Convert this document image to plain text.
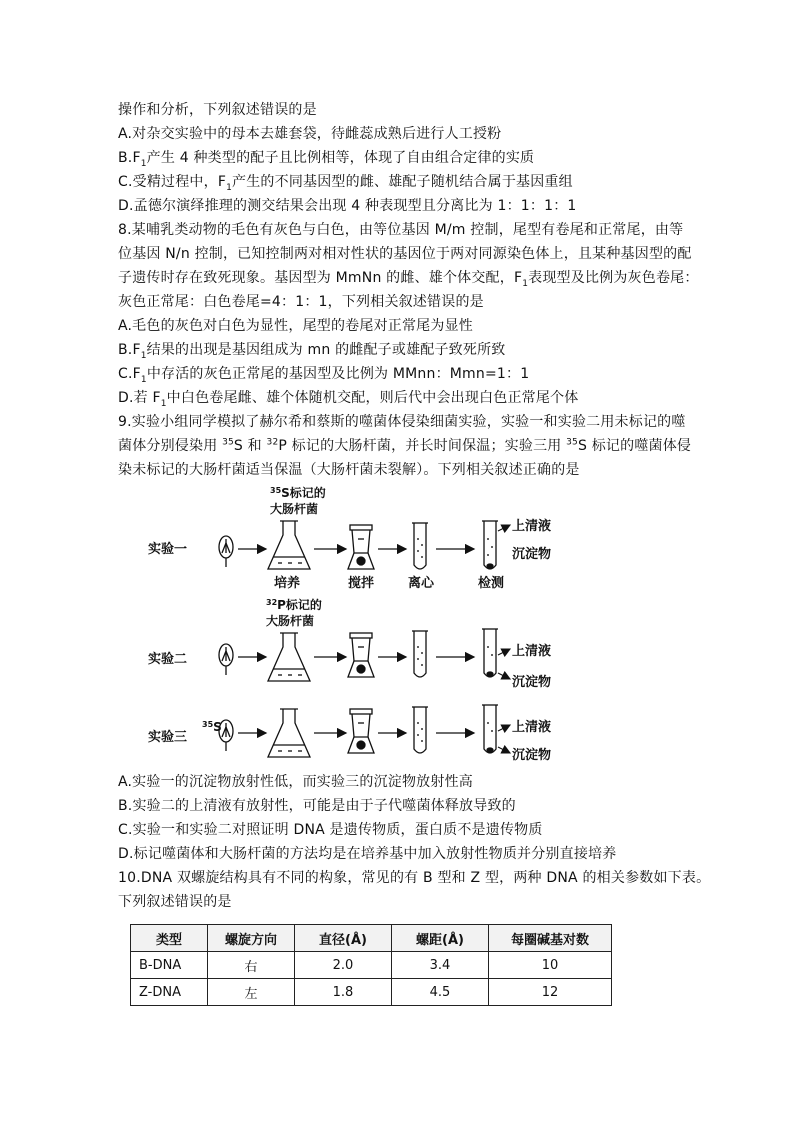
操作和分析，下列叙述错误的是
A.对杂交实验中的母本去雄套袋，待雌蕊成熟后进行人工授粉
$B.F_1$产生 4 种类型的配子且比例相等，体现了自由组合定律的实质
C.受精过程中，$F_1$产生的不同基因型的雌、雄配子随机结合属于基因重组
D.孟德尔演绎推理的测交结果会出现 4 种表现型且分离比为 1：1：1：1
8.某哺乳类动物的毛色有灰色与白色，由等位基因 M/m 控制，尾型有卷尾和正常尾，由等
位基因 N/n 控制，已知控制两对相对性状的基因位于两对同源染色体上，且某种基因型的配
子遗传时存在致死现象。基因型为 MmNn 的雌、雄个体交配，$F_1$表现型及比例为灰色卷尾：
灰色正常尾：白色卷尾=4：1：1，下列相关叙述错误的是
A.毛色的灰色对白色为显性，尾型的卷尾对正常尾为显性
$B.F_1$结果的出现是基因组成为 mn 的雌配子或雄配子致死所致
$C.F_1$中存活的灰色正常尾的基因型及比例为 MMnn：Mmn=1：1
D.若 $F_1$中白色卷尾雌、雄个体随机交配，则后代中会出现白色正常尾个体
9.实验小组同学模拟了赫尔希和蔡斯的噬菌体侵染细菌实验，实验一和实验二用未标记的噬
菌体分别侵染用 $^{35}$S 和 $^{32}$P 标记的大肠杆菌，并长时间保温；实验三用 $^{35}$S 标记的噬菌体侵
染未标记的大肠杆菌适当保温（大肠杆菌未裂解）。下列相关叙述正确的是
实验一
$^{35}$S标记的
大肠杆菌
培养	搅拌	离心	检测
上清液
沉淀物
实验二
$^{32}$P标记的
大肠杆菌
上清液
沉淀物
实验三
$^{35}$S	上清液
沉淀物
A.实验一的沉淀物放射性低，而实验三的沉淀物放射性高
B.实验二的上清液有放射性，可能是由于子代噬菌体释放导致的
C.实验一和实验二对照证明 DNA 是遗传物质，蛋白质不是遗传物质
D.标记噬菌体和大肠杆菌的方法均是在培养基中加入放射性物质并分别直接培养
10.DNA 双螺旋结构具有不同的构象，常见的有 B 型和 Z 型，两种 DNA 的相关参数如下表。
下列叙述错误的是
类型	螺旋方向	直径(Å)	螺距(Å)	每圈碱基对数
B-DNA	右	2.0	3.4	10
Z-DNA	左	1.8	4.5	12
